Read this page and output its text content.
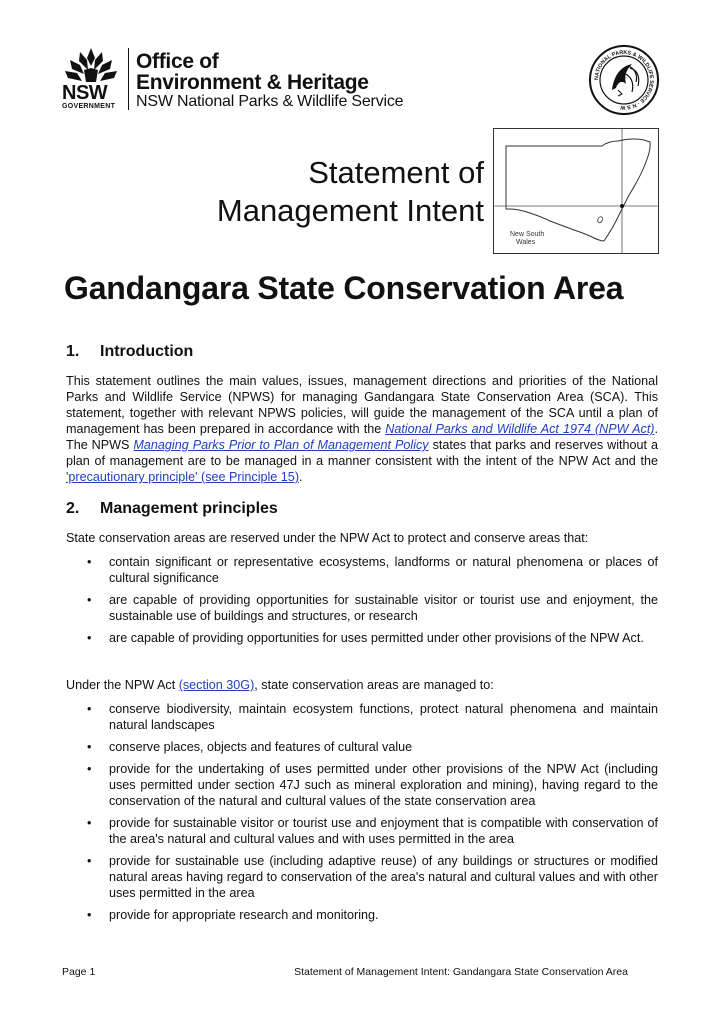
NSW
GOVERNMENT
Office of
Environment & Heritage
NSW National Parks & Wildlife Service
NATIONAL PARKS & WILDLIFE SERVICE · N S W
Statement of
Management Intent
New South
Wales
Gandangara State Conservation Area
1. Introduction

This statement outlines the main values, issues, management directions and priorities of the National Parks and Wildlife Service (NPWS) for managing Gandangara State Conservation Area (SCA). This statement, together with relevant NPWS policies, will guide the management of the SCA until a plan of management has been prepared in accordance with the National Parks and Wildlife Act 1974 (NPW Act). The NPWS Managing Parks Prior to Plan of Management Policy states that parks and reserves without a plan of management are to be managed in a manner consistent with the intent of the NPW Act and the 'precautionary principle' (see Principle 15).

2. Management principles

State conservation areas are reserved under the NPW Act to protect and conserve areas that:

• contain significant or representative ecosystems, landforms or natural phenomena or places of cultural significance
• are capable of providing opportunities for sustainable visitor or tourist use and enjoyment, the sustainable use of buildings and structures, or research
• are capable of providing opportunities for uses permitted under other provisions of the NPW Act.

Under the NPW Act (section 30G), state conservation areas are managed to:

• conserve biodiversity, maintain ecosystem functions, protect natural phenomena and maintain natural landscapes
• conserve places, objects and features of cultural value
• provide for the undertaking of uses permitted under other provisions of the NPW Act (including uses permitted under section 47J such as mineral exploration and mining), having regard to the conservation of the natural and cultural values of the state conservation area
• provide for sustainable visitor or tourist use and enjoyment that is compatible with conservation of the area's natural and cultural values and with uses permitted in the area
• provide for sustainable use (including adaptive reuse) of any buildings or structures or modified natural areas having regard to conservation of the area's natural and cultural values and with other uses permitted in the area
• provide for appropriate research and monitoring.
Page 1	Statement of Management Intent: Gandangara State Conservation Area
